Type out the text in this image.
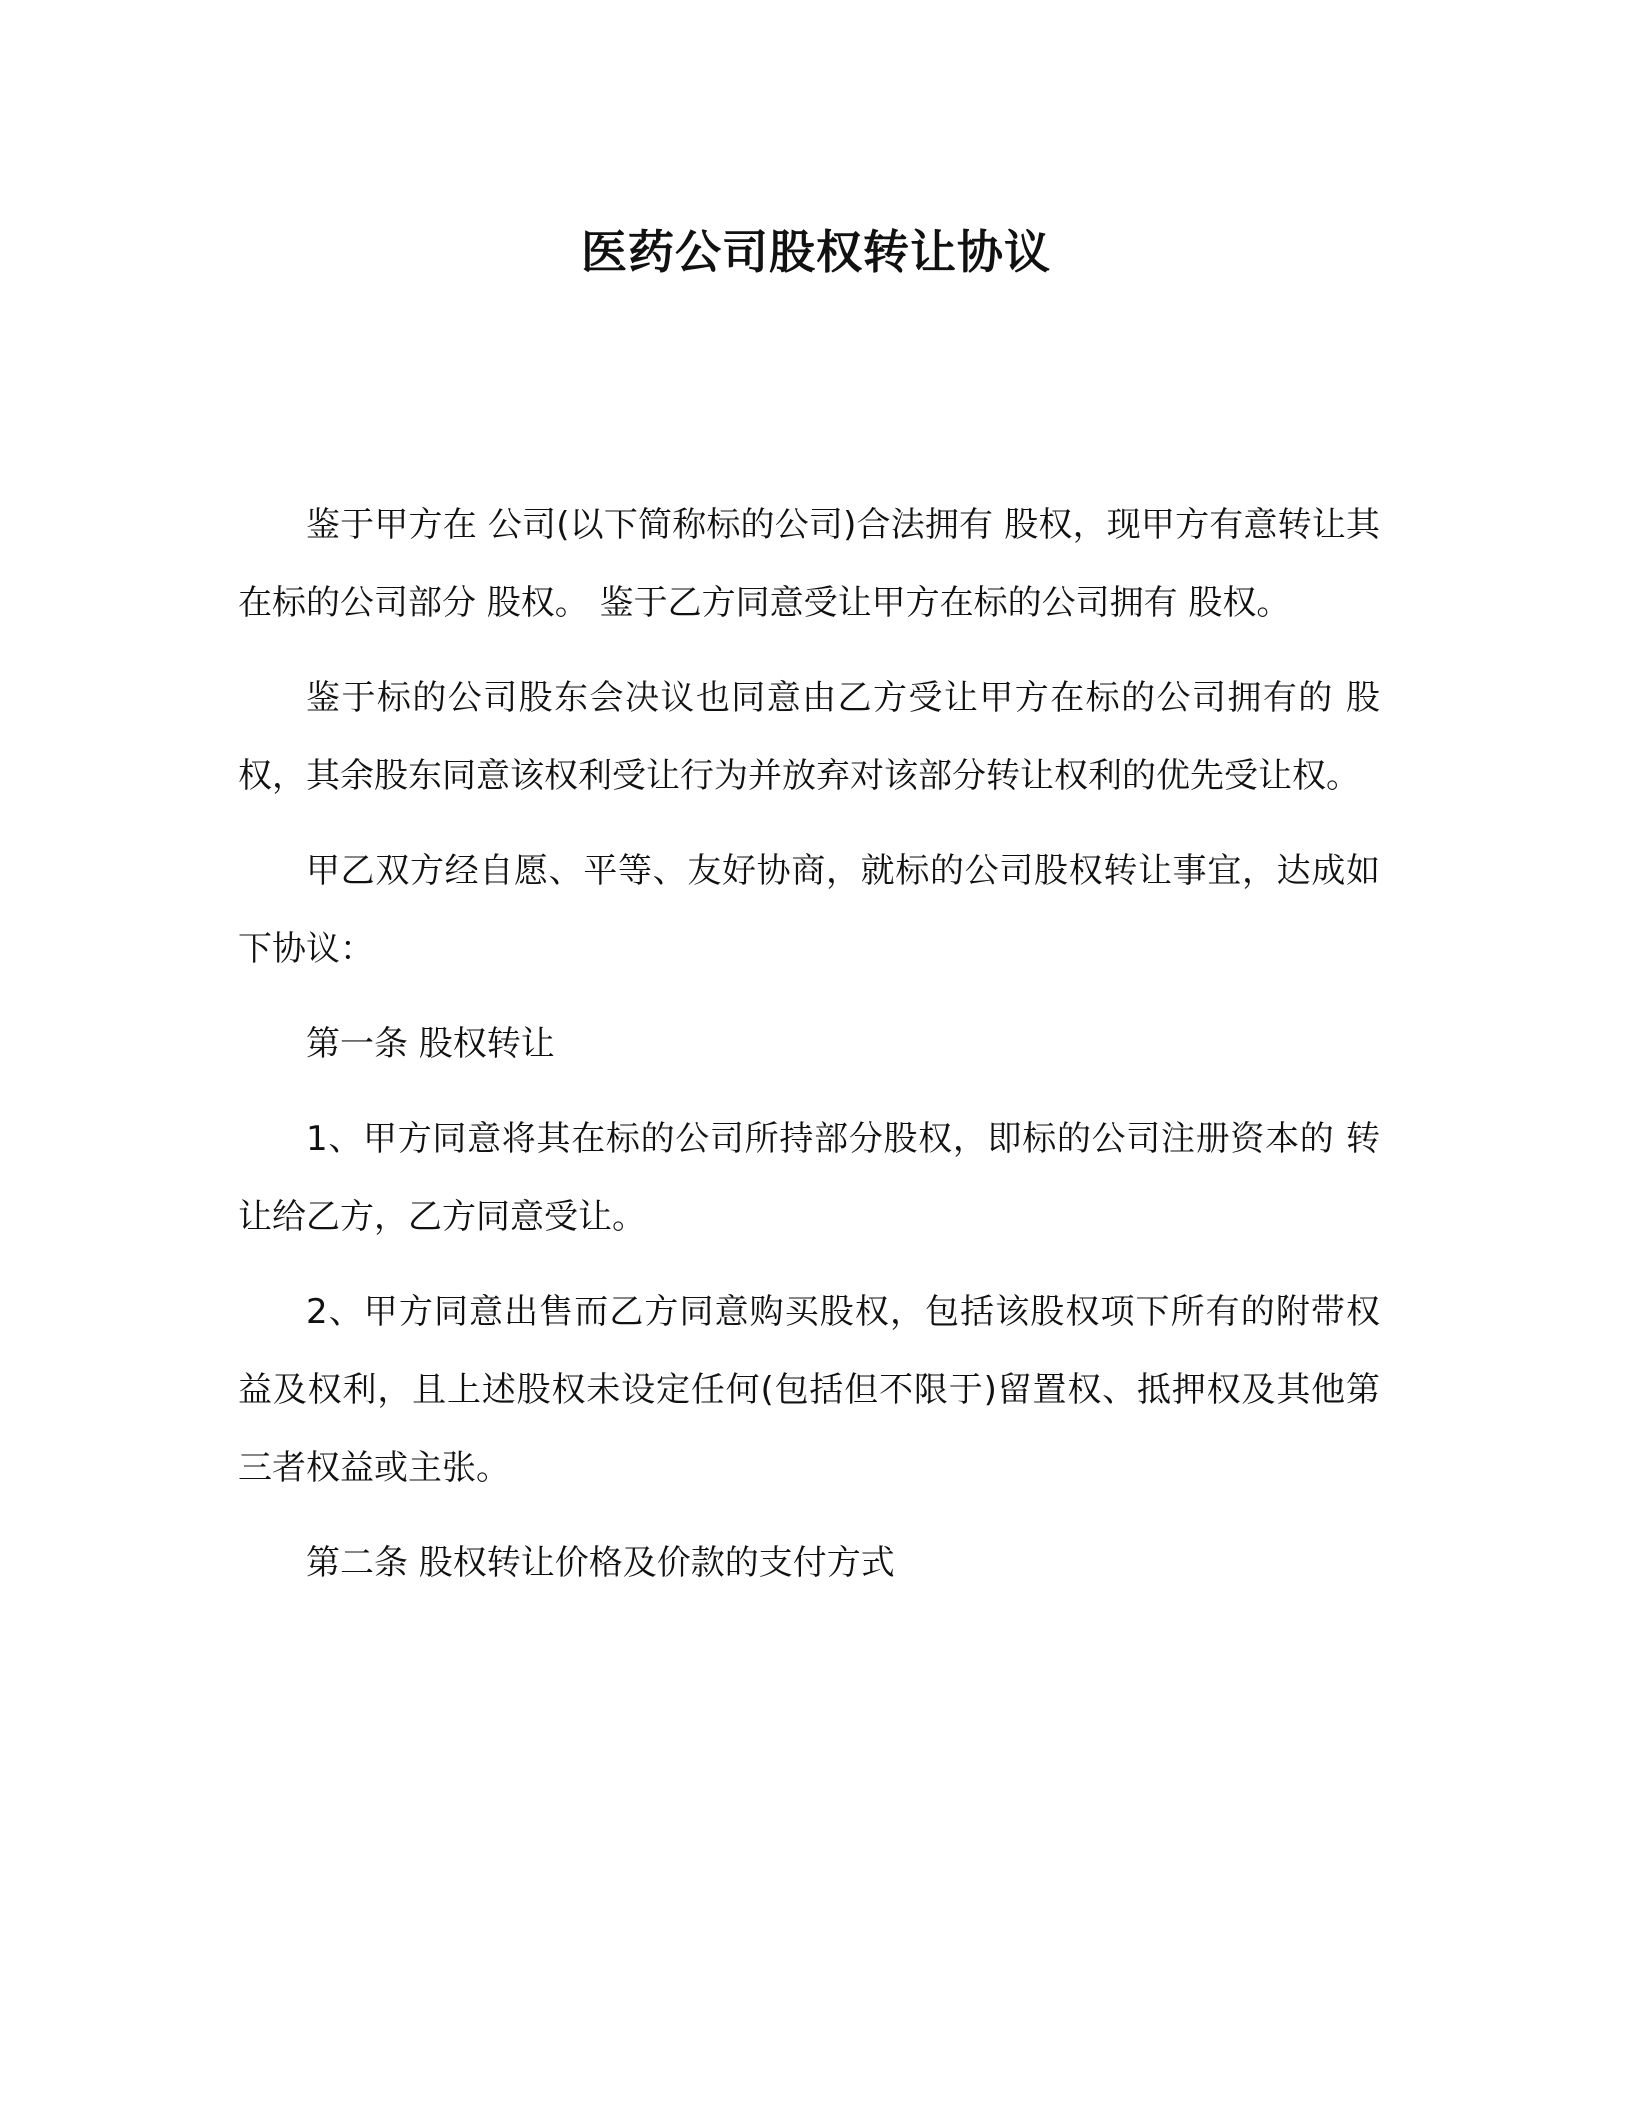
医药公司股权转让协议

鉴于甲方在 公司(以下简称标的公司)合法拥有 股权，现甲方有意转让其在标的公司部分 股权。 鉴于乙方同意受让甲方在标的公司拥有 股权。

鉴于标的公司股东会决议也同意由乙方受让甲方在标的公司拥有的 股权，其余股东同意该权利受让行为并放弃对该部分转让权利的优先受让权。

甲乙双方经自愿、平等、友好协商，就标的公司股权转让事宜，达成如下协议：

第一条 股权转让

1、甲方同意将其在标的公司所持部分股权，即标的公司注册资本的 转让给乙方，乙方同意受让。

2、甲方同意出售而乙方同意购买股权，包括该股权项下所有的附带权益及权利，且上述股权未设定任何(包括但不限于)留置权、抵押权及其他第三者权益或主张。

第二条 股权转让价格及价款的支付方式
